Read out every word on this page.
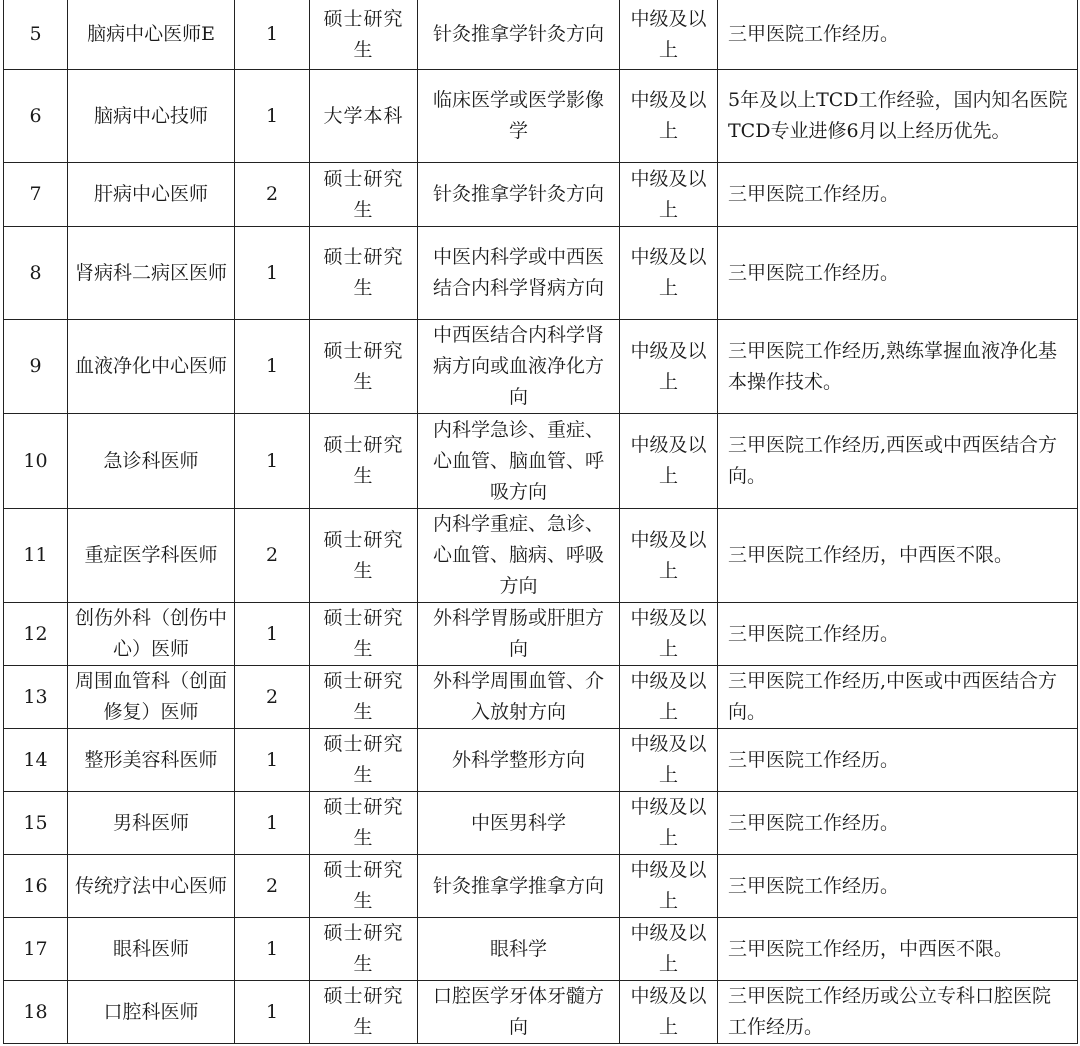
5	脑病中心医师E	1	硕士研究生	针灸推拿学针灸方向	中级及以上	三甲医院工作经历。
6	脑病中心技师	1	大学本科	临床医学或医学影像学	中级及以上	5年及以上TCD工作经验，国内知名医院TCD专业进修6月以上经历优先。
7	肝病中心医师	2	硕士研究生	针灸推拿学针灸方向	中级及以上	三甲医院工作经历。
8	肾病科二病区医师	1	硕士研究生	中医内科学或中西医结合内科学肾病方向	中级及以上	三甲医院工作经历。
9	血液净化中心医师	1	硕士研究生	中西医结合内科学肾病方向或血液净化方向	中级及以上	三甲医院工作经历,熟练掌握血液净化基本操作技术。
10	急诊科医师	1	硕士研究生	内科学急诊、重症、心血管、脑血管、呼吸方向	中级及以上	三甲医院工作经历,西医或中西医结合方向。
11	重症医学科医师	2	硕士研究生	内科学重症、急诊、心血管、脑病、呼吸方向	中级及以上	三甲医院工作经历，中西医不限。
12	创伤外科（创伤中心）医师	1	硕士研究生	外科学胃肠或肝胆方向	中级及以上	三甲医院工作经历。
13	周围血管科（创面修复）医师	2	硕士研究生	外科学周围血管、介入放射方向	中级及以上	三甲医院工作经历,中医或中西医结合方向。
14	整形美容科医师	1	硕士研究生	外科学整形方向	中级及以上	三甲医院工作经历。
15	男科医师	1	硕士研究生	中医男科学	中级及以上	三甲医院工作经历。
16	传统疗法中心医师	2	硕士研究生	针灸推拿学推拿方向	中级及以上	三甲医院工作经历。
17	眼科医师	1	硕士研究生	眼科学	中级及以上	三甲医院工作经历，中西医不限。
18	口腔科医师	1	硕士研究生	口腔医学牙体牙髓方向	中级及以上	三甲医院工作经历或公立专科口腔医院工作经历。
